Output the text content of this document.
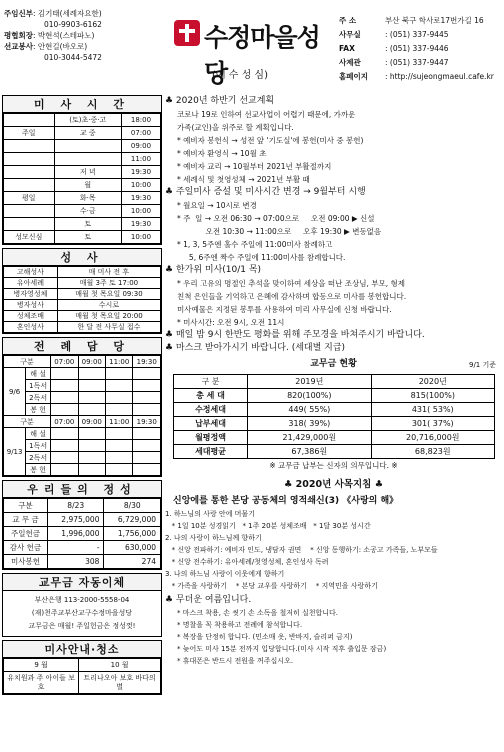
주임신부: 김기태(세례자요한)
010-9903-6162
평협회장: 박현석(스테파노)
선교봉사: 안현길(바오로)
010-3044-5472
수정마을성당
(예 수 성 심)
주 소	부산 북구 학사로17번가길 16
사무실	: (051) 337-9445
FAX	: (051) 337-9446
사제관	: (051) 337-9447
홈페이지 : http://sujeongmaeul.cafe.kr
미 사 시 간
	(토)초·중·고	18:00
주일	교 중	07:00
		09:00
		11:00
	저 녁	19:30
	월	10:00
평일	화·목	19:30
	수·금	10:00
	토	19:30
성모신심	토	10:00
성 사
고해성사	매 미사 전 후
유아세례	매월 3주 토 17:00
병자영성체	매월 첫 목요일 09:30
병자성사	수시로
성체조배	매월 첫 목요일 20:00
혼인성사	한 달 전 사무실 접수
전 례 담 당
구분		07:00	09:00	11:00	19:30
9/6	해 설				
	1독서				
	2독서				
	봉 헌				
구분		07:00	09:00	11:00	19:30
9/13	해 설				
	1독서				
	2독서				
	봉 헌				
우리들의 정성
구분	8/23	8/30
교 무 금	2,975,000	6,729,000
주일헌금	1,996,000	1,756,000
감사 헌금	-	630,000
미사봉헌	308	274
교무금 자동이체
부산은행 113-2000-5558-04
(재)천주교부산교구수정마을성당
교무금은 매월! 주일헌금은 정성껏!
미사안내·청소
9 월	10 월
유치원과 주 아이들 보호	트리나오아 보호 바다의 별
♣ 2020년 하반기 선교계획
코로나 19로 인하여 선교사업이 어렵기 때문에, 가까운
가족(교인)을 위주로 할 계획입니다.
* 예비자 봉헌식 → 성전 앞 '기도실'에 봉헌(미사 중 봉헌)
* 예비자 환영식 → 10월 초
* 예비자 교리 → 10월부터 2021년 부활절까지
* 세례식 및 첫영성체 → 2021년 부활 때
♣ 주일미사 증설 및 미사시간 변경 → 9월부터 시행
* 월요일 → 10시로 변경
* 주  일 → 오전 06:30 → 07:00으로     오전 09:00 ▶ 신설
오전 10:30 → 11:00으로     오후 19:30 ▶ 변동없음
* 1, 3, 5주엔 홀수 주일에 11:00미사 참례하고
5, 6주엔 짝수 주일에 11:00미사를 참례합니다.
♣ 한가위 미사(10/1 목)
* 우리 고유의 명절인 추석을 맞이하여 세상을 떠난 조상님, 부모, 형제
친척 은인들을 기억하고 은혜에 감사하며 합동으로 미사를 봉헌합니다.
미사예물은 지정된 봉투를 사용하여 미리 사무실에 신청 바랍니다.
* 미사시간: 오전 9시, 오전 11시
♣ 매일 밤 9시 한반도 평화를 위해 주모경을 바쳐주시기 바랍니다.
♣ 마스크 받아가시기 바랍니다. (세대별 지급)
교무금 현황	9/1 기준
구 분	2019년	2020년
총 세 대	820(100%)	815(100%)
수정세대	449( 55%)	431( 53%)
납부세대	318( 39%)	301( 37%)
월평정액	21,429,000원	20,716,000원
세대평균	67,386원	68,823원
※ 교무금 납부는 신자의 의무입니다. ※
♣ 2020년 사목지침 ♣
신앙에를 통한 본당 공동체의 영적쇄신(3) 《사랑의 해》
1. 하느님의 사랑 안에 머물기
* 1일 10분 성경읽기   * 1주 20분 성체조배   * 1달 30분 성시간
2. 나의 사랑이 하느님께 향하기
* 신앙 전파하기: 예비자 인도, 냉담자 권면    * 신앙 동행하기: 소공고 가족들, 노부모들
* 신앙 전수하기: 유아세례/첫영성체, 혼인성사 독려
3. 나의 하느님 사랑이 이웃에게 향하기
* 가족을 사랑하기    * 본당 교우를 사랑하기    * 지역민을 사랑하기
♣ 무더운 여름입니다.
* 마스크 착용, 손 씻기 손 소독을 철저히 실천합니다.
* 명찰을 꼭 착용하고 전례에 참석합니다.
* 복장을 단정히 합니다. (민소매 옷, 반바지, 슬리퍼 금지)
* 늦어도 미사 15분 전까지 입당합니다.(미사 시작 직후 출입문 잠금)
* 휴대폰은 반드시 전원을 꺼주십시오.
